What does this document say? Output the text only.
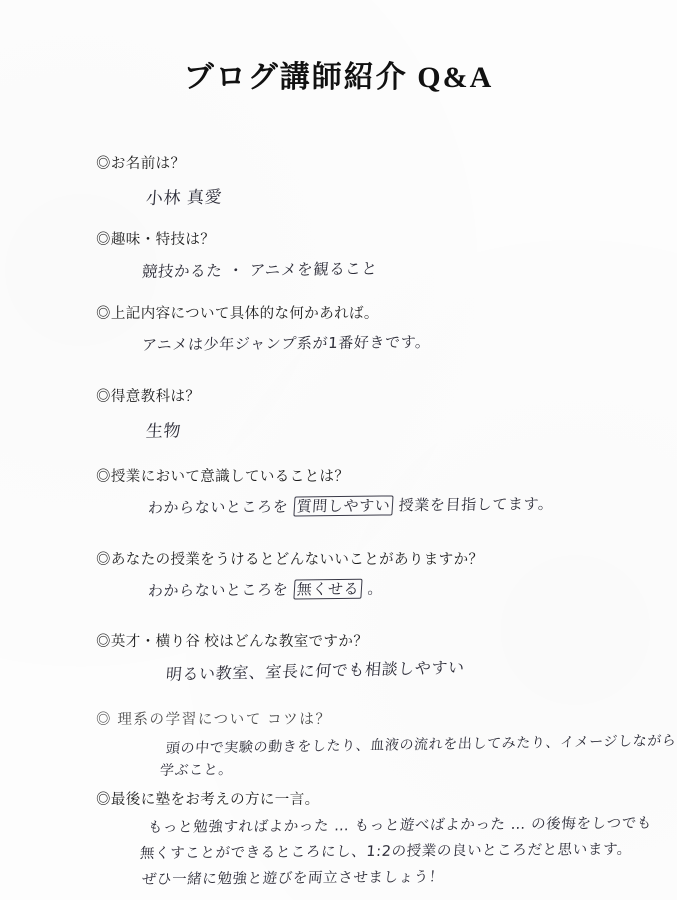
ブログ講師紹介 Q&A
◎お名前は？
小林 真愛
◎趣味・特技は？
競技かるた ・ アニメを観ること
◎上記内容について具体的な何かあれば。
アニメは少年ジャンプ系が1番好きです。
◎得意教科は？
生物
◎授業において意識していることは？
わからないところを 質問しやすい 授業を目指してます。
◎あなたの授業をうけるとどんないいことがありますか？
わからないところを 無くせる 。
◎英才・横り谷 校はどんな教室ですか？
明るい教室、室長に何でも相談しやすい
◎ 理系の学習について コツは？
頭の中で実験の動きをしたり、血液の流れを出してみたり、イメージしながら
学ぶこと。
◎最後に塾をお考えの方に一言。
もっと勉強すればよかった … もっと遊べばよかった … の後悔をしつでも
無くすことができるところにし、1:2の授業の良いところだと思います。
ぜひ一緒に勉強と遊びを両立させましょう！
